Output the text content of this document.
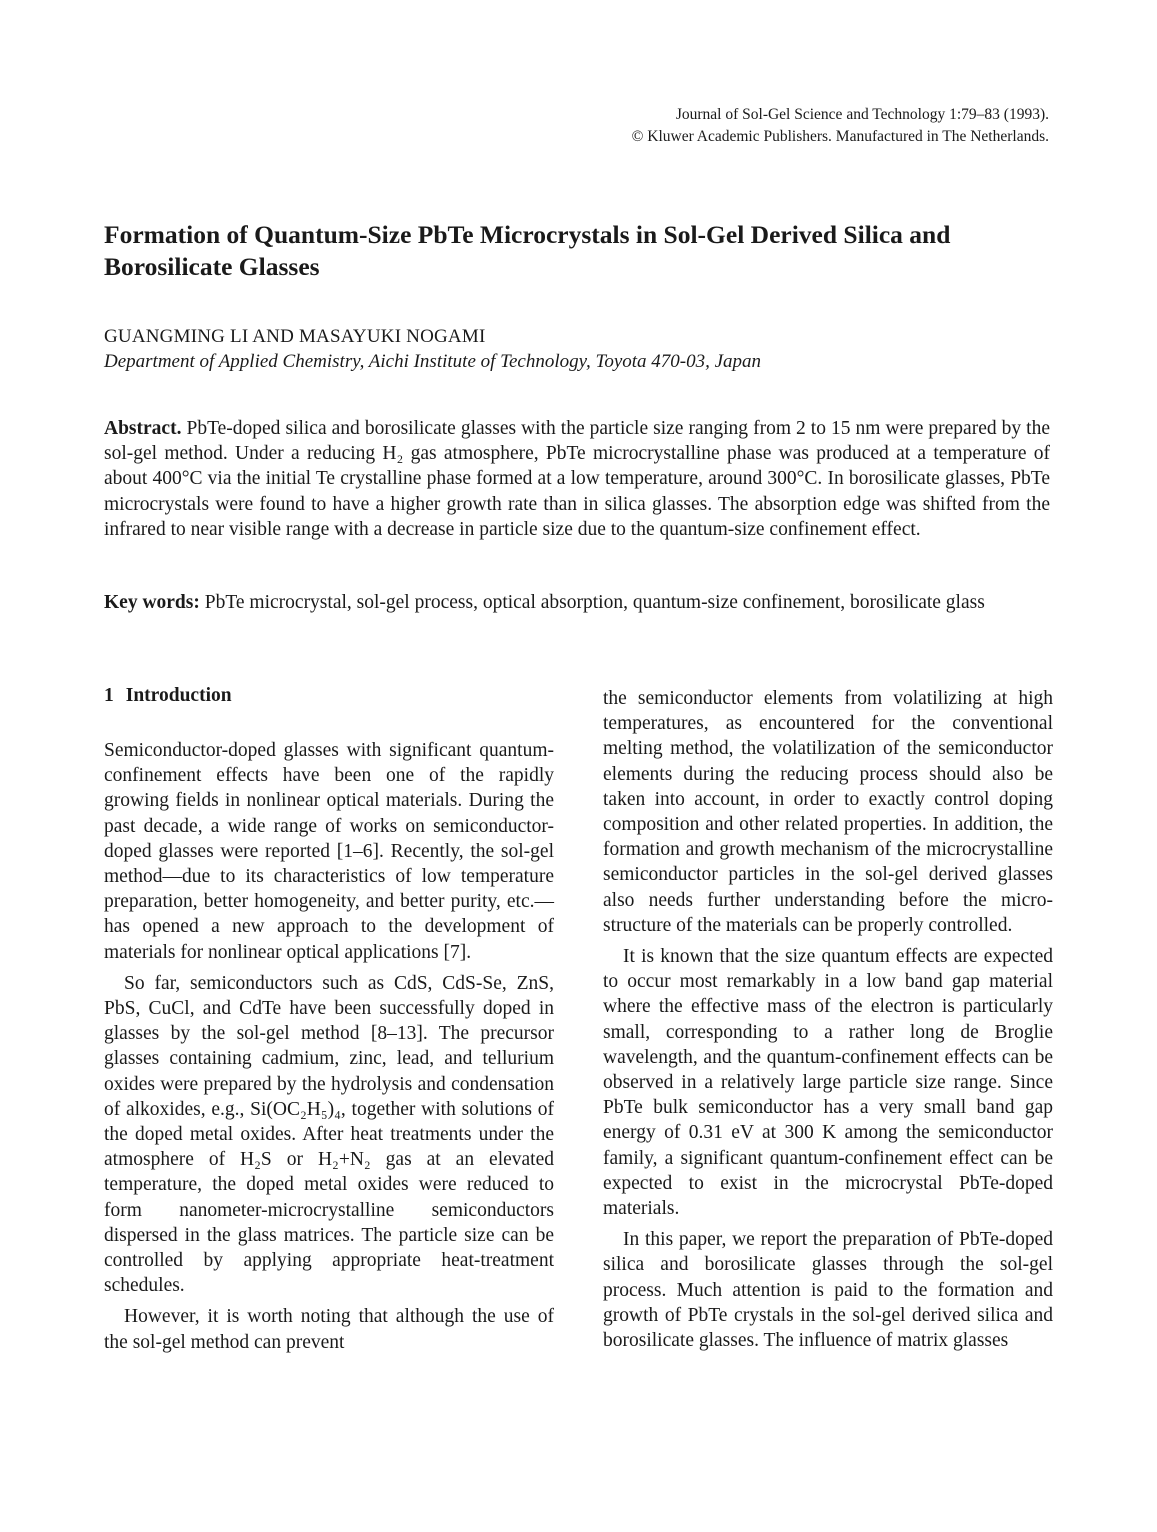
Journal of Sol-Gel Science and Technology 1:79–83 (1993).
© Kluwer Academic Publishers. Manufactured in The Netherlands.
Formation of Quantum-Size PbTe Microcrystals in Sol-Gel Derived Silica and Borosilicate Glasses
GUANGMING LI AND MASAYUKI NOGAMI
Department of Applied Chemistry, Aichi Institute of Technology, Toyota 470-03, Japan

Abstract. PbTe-doped silica and borosilicate glasses with the particle size ranging from 2 to 15 nm were prepared by the sol-gel method. Under a reducing H₂ gas atmosphere, PbTe microcrystalline phase was produced at a temperature of about 400°C via the initial Te crystalline phase formed at a low temperature, around 300°C. In borosilicate glasses, PbTe microcrystals were found to have a higher growth rate than in silica glasses. The absorption edge was shifted from the infrared to near visible range with a decrease in particle size due to the quantum-size confinement effect.

Key words: PbTe microcrystal, sol-gel process, optical absorption, quantum-size confinement, borosilicate glass

1 Introduction

Semiconductor-doped glasses with significant quantum-confinement effects have been one of the rapidly growing fields in nonlinear optical materials. During the past decade, a wide range of works on semiconductor-doped glasses were reported [1–6]. Recently, the sol-gel method—due to its characteristics of low temperature preparation, better homogeneity, and better purity, etc.—has opened a new approach to the development of materials for nonlinear optical applications [7].

So far, semiconductors such as CdS, CdS-Se, ZnS, PbS, CuCl, and CdTe have been successfully doped in glasses by the sol-gel method [8–13]. The precursor glasses containing cadmium, zinc, lead, and tellurium oxides were prepared by the hydrolysis and condensation of alkoxides, e.g., Si(OC₂H₅)₄, together with solutions of the doped metal oxides. After heat treatments under the atmosphere of H₂S or H₂+N₂ gas at an elevated temperature, the doped metal oxides were reduced to form nanometer-microcrystalline semiconductors dispersed in the glass matrices. The particle size can be controlled by applying appropriate heat-treatment schedules.

However, it is worth noting that although the use of the sol-gel method can prevent

the semiconductor elements from volatilizing at high temperatures, as encountered for the conventional melting method, the volatilization of the semiconductor elements during the reducing process should also be taken into account, in order to exactly control doping composition and other related properties. In addition, the formation and growth mechanism of the microcrystalline semiconductor particles in the sol-gel derived glasses also needs further understanding before the micro-structure of the materials can be properly controlled.

It is known that the size quantum effects are expected to occur most remarkably in a low band gap material where the effective mass of the electron is particularly small, corresponding to a rather long de Broglie wavelength, and the quantum-confinement effects can be observed in a relatively large particle size range. Since PbTe bulk semiconductor has a very small band gap energy of 0.31 eV at 300 K among the semiconductor family, a significant quantum-confinement effect can be expected to exist in the microcrystal PbTe-doped materials.

In this paper, we report the preparation of PbTe-doped silica and borosilicate glasses through the sol-gel process. Much attention is paid to the formation and growth of PbTe crystals in the sol-gel derived silica and borosilicate glasses. The influence of matrix glasses
